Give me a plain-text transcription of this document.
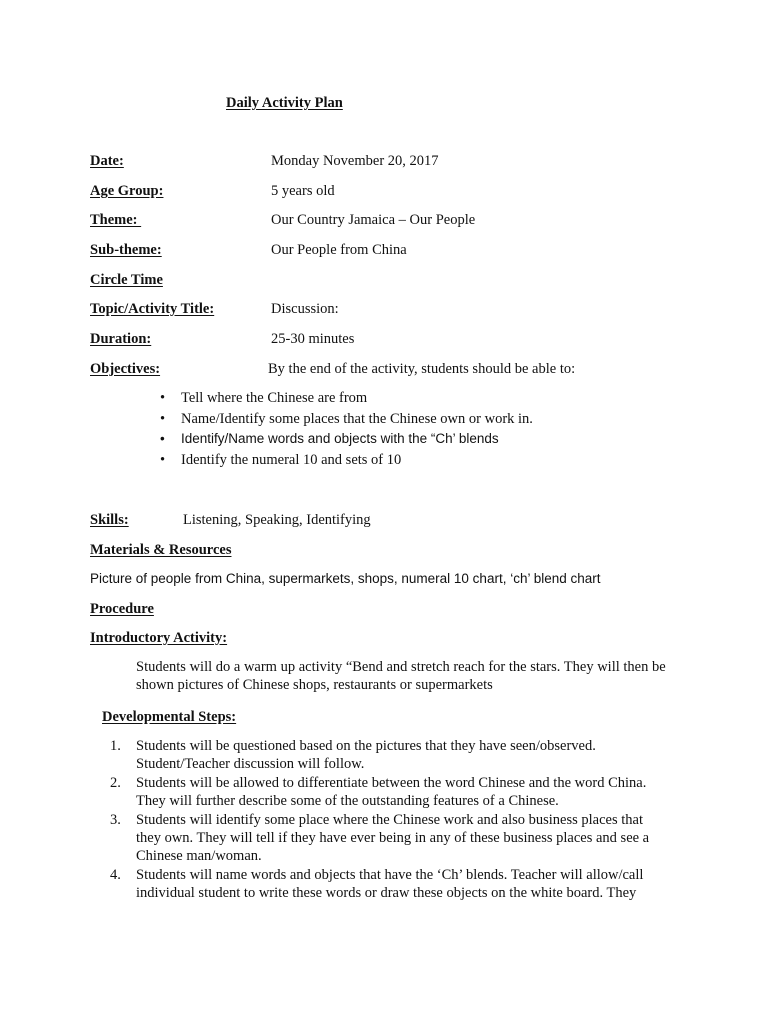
Daily Activity Plan
Date:	Monday November 20, 2017
Age Group:	5 years old
Theme:	Our Country Jamaica – Our People
Sub-theme:	Our People from China
Circle Time
Topic/Activity Title:	Discussion:
Duration:	25-30 minutes
Objectives:	By the end of the activity, students should be able to:
• Tell where the Chinese are from
• Name/Identify some places that the Chinese own or work in.
• Identify/Name words and objects with the “Ch’ blends
• Identify the numeral 10 and sets of 10
Skills:	Listening, Speaking, Identifying
Materials & Resources
Picture of people from China, supermarkets, shops, numeral 10 chart, ‘ch’ blend chart
Procedure
Introductory Activity:
Students will do a warm up activity “Bend and stretch reach for the stars. They will then be shown pictures of Chinese shops, restaurants or supermarkets
Developmental Steps:
1.	Students will be questioned based on the pictures that they have seen/observed. Student/Teacher discussion will follow.
2.	Students will be allowed to differentiate between the word Chinese and the word China. They will further describe some of the outstanding features of a Chinese.
3.	Students will identify some place where the Chinese work and also business places that they own. They will tell if they have ever being in any of these business places and see a Chinese man/woman.
4.	Students will name words and objects that have the ‘Ch’ blends. Teacher will allow/call individual student to write these words or draw these objects on the white board. They
